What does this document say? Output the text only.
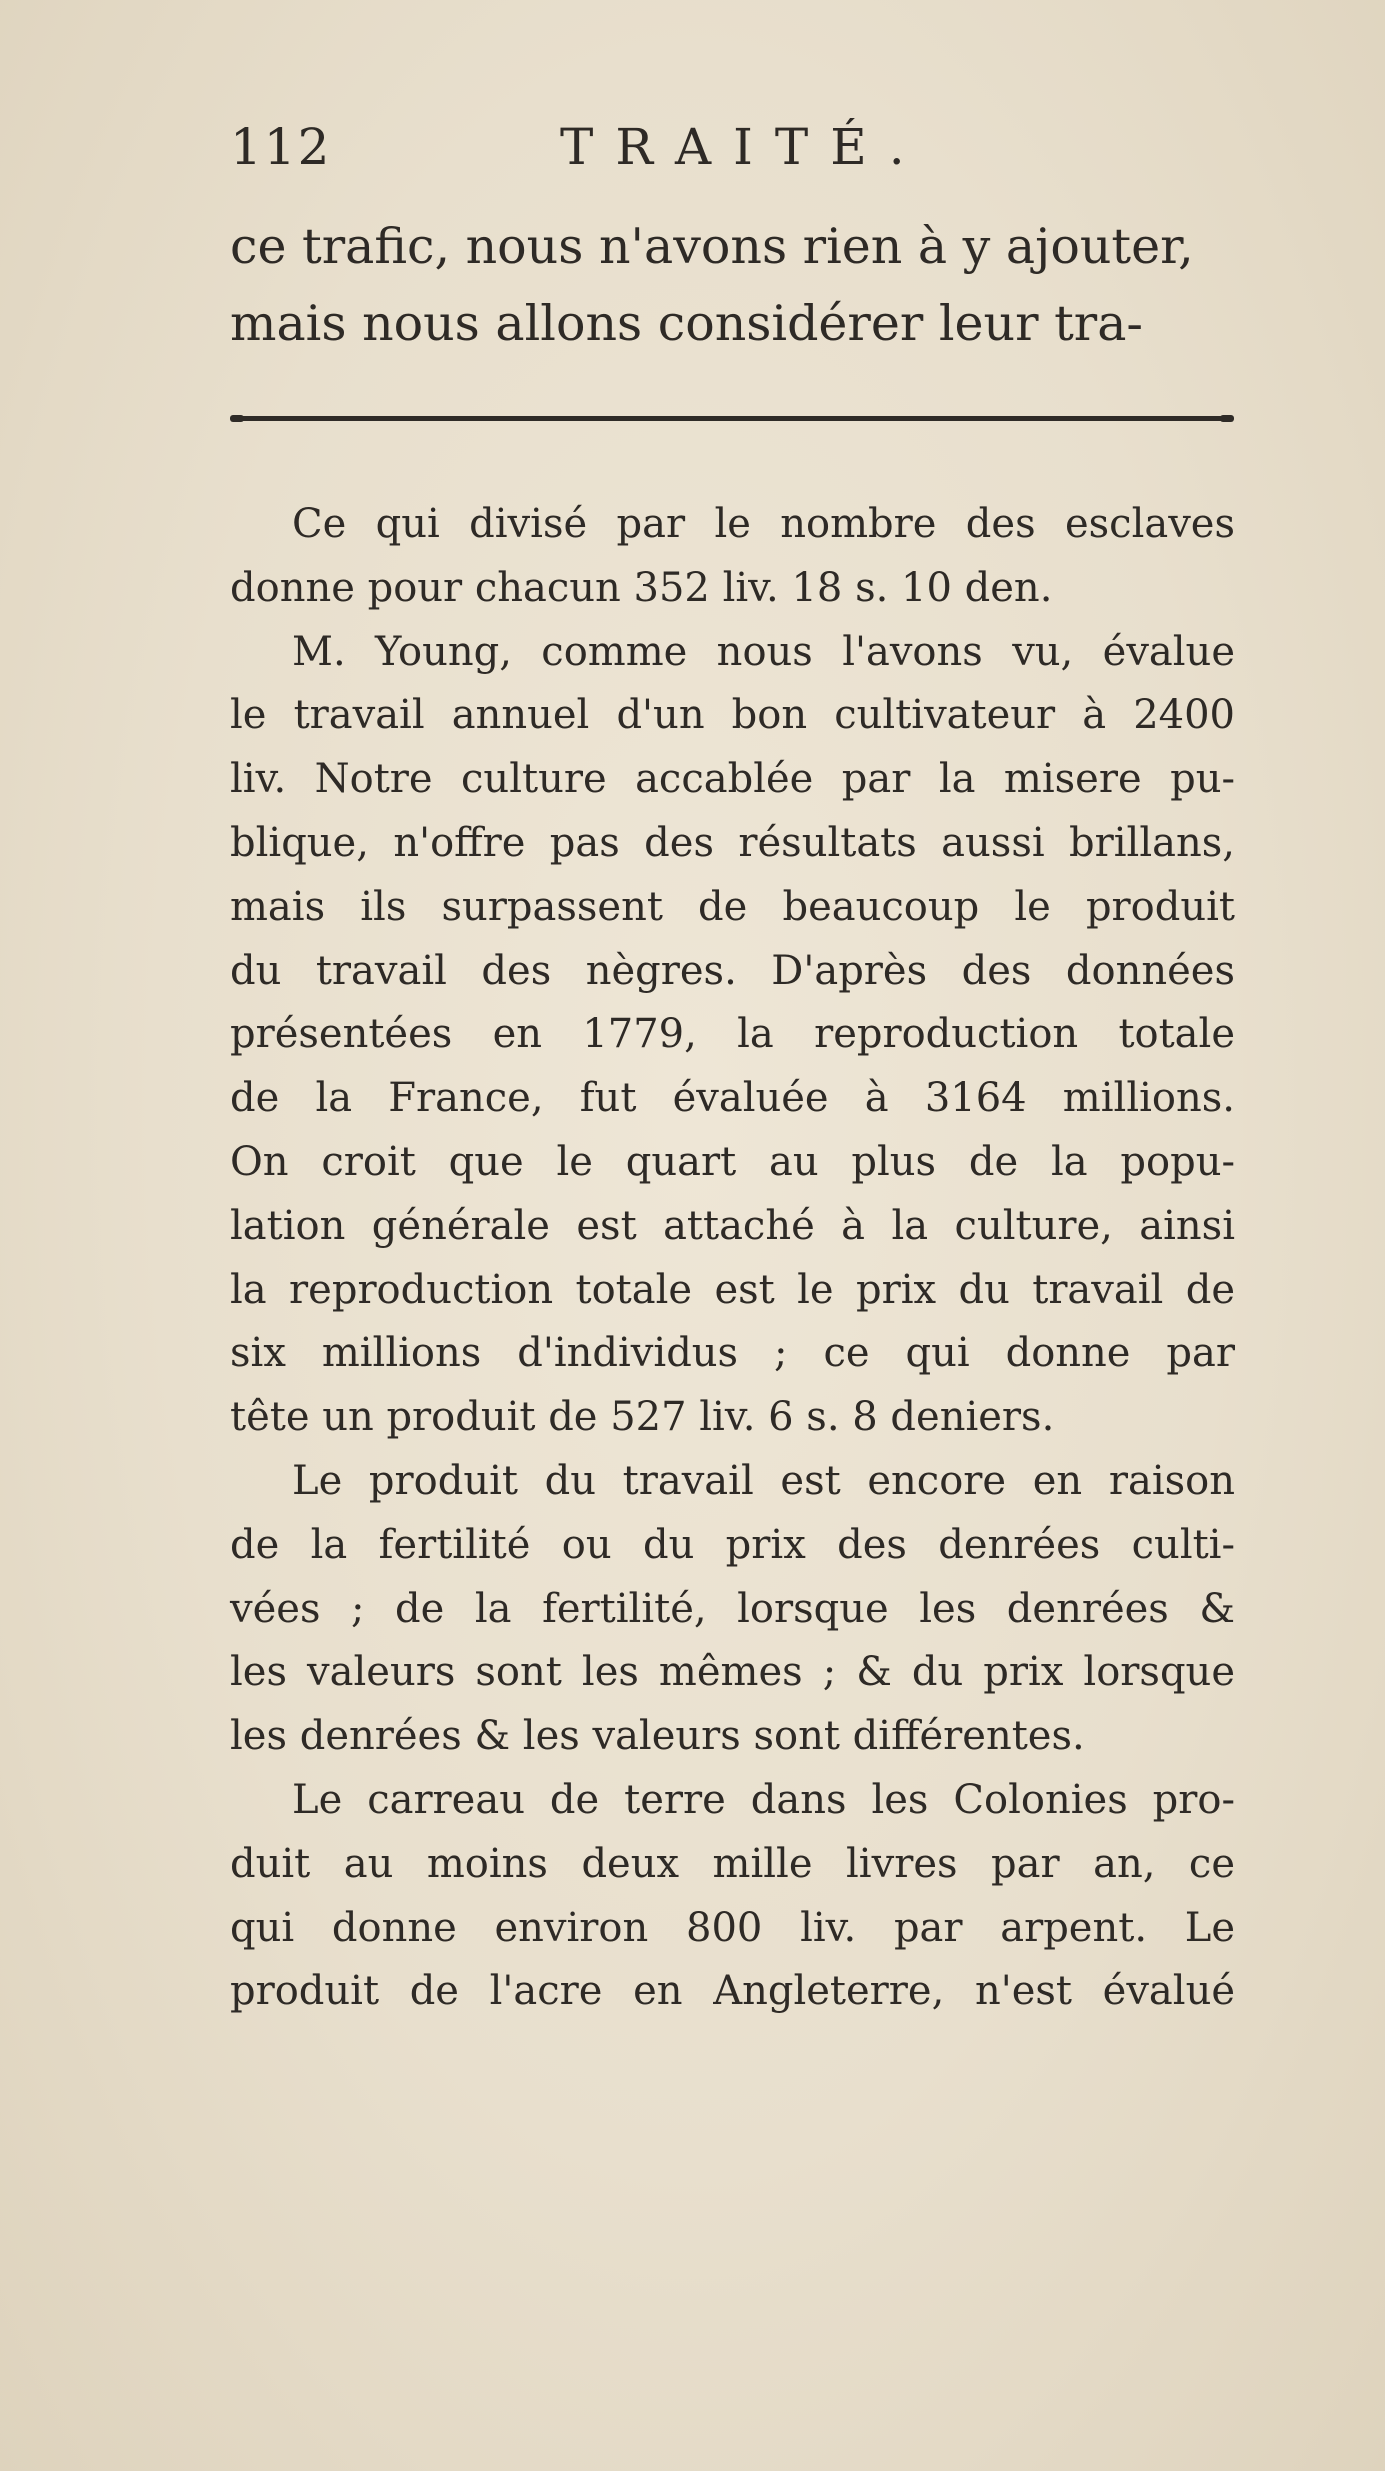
112	TRAITÉ.
ce trafic, nous n'avons rien à y ajouter,
mais nous allons considérer leur tra-
Ce qui divisé par le nombre des esclaves
donne pour chacun 352 liv. 18 s. 10 den.
M. Young, comme nous l'avons vu, évalue
le travail annuel d'un bon cultivateur à 2400
liv. Notre culture accablée par la misere pu-
blique, n'offre pas des résultats aussi brillans,
mais ils surpassent de beaucoup le produit
du travail des nègres. D'après des données
présentées en 1779, la reproduction totale
de la France, fut évaluée à 3164 millions.
On croit que le quart au plus de la popu-
lation générale est attaché à la culture, ainsi
la reproduction totale est le prix du travail de
six millions d'individus ; ce qui donne par
tête un produit de 527 liv. 6 s. 8 deniers.
Le produit du travail est encore en raison
de la fertilité ou du prix des denrées culti-
vées ; de la fertilité, lorsque les denrées &
les valeurs sont les mêmes ; & du prix lorsque
les denrées & les valeurs sont différentes.
Le carreau de terre dans les Colonies pro-
duit au moins deux mille livres par an, ce
qui donne environ 800 liv. par arpent. Le
produit de l'acre en Angleterre, n'est évalué
